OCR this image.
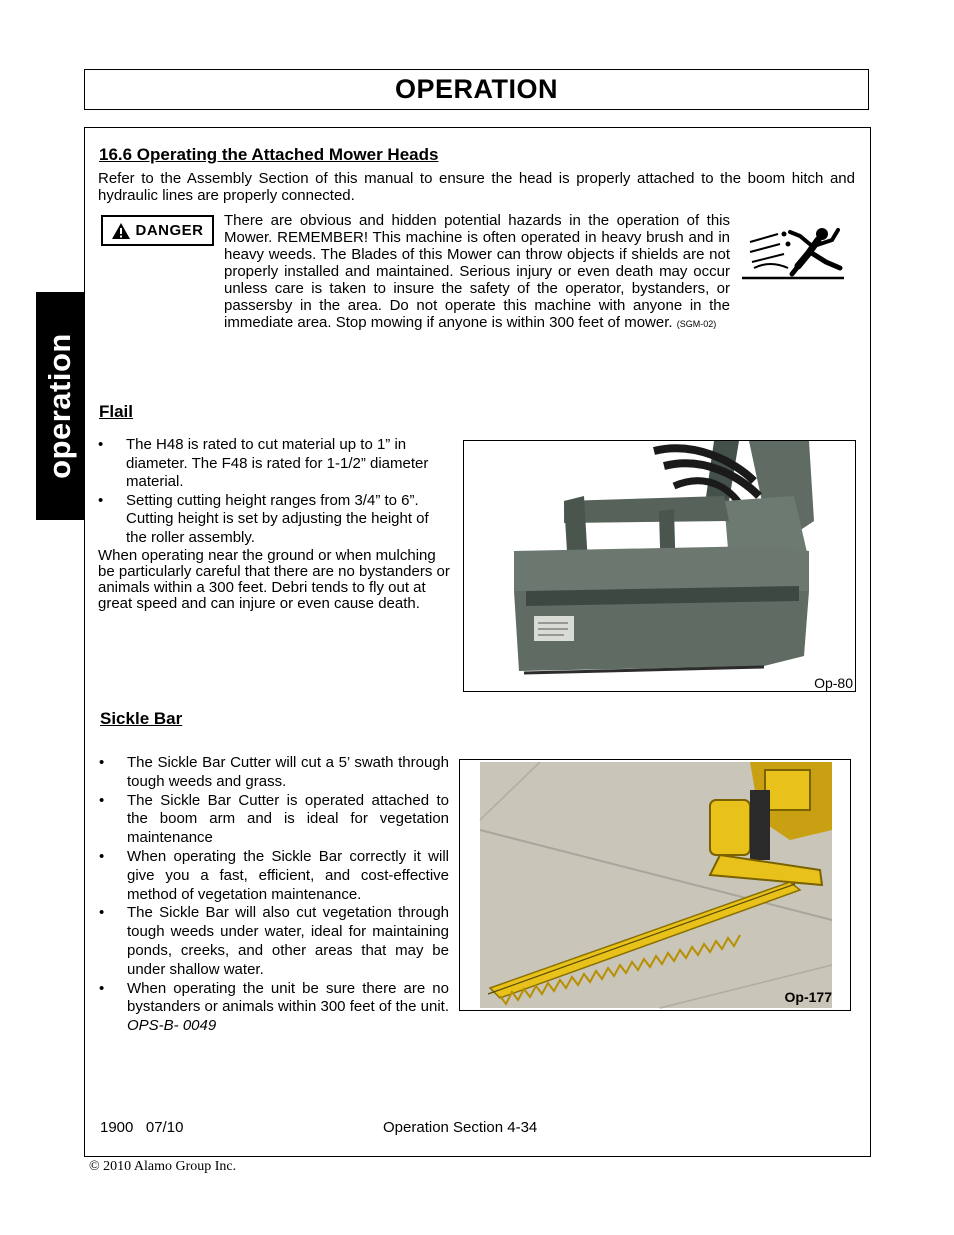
OPERATION
operation
16.6 Operating the Attached Mower Heads
Refer to the Assembly Section of this manual to ensure the head is properly attached to the boom hitch and hydraulic lines are properly connected.
DANGER
There are obvious and hidden potential hazards in the operation of this Mower. REMEMBER! This machine is often operated in heavy brush and in heavy weeds. The Blades of this Mower can throw objects if shields are not properly installed and maintained. Serious injury or even death may occur unless care is taken to insure the safety of the operator, bystanders, or passersby in the area. Do not operate this machine with anyone in the immediate area. Stop mowing if anyone is within 300 feet of mower. (SGM-02)
Flail
• The H48 is rated to cut material up to 1” in diameter. The F48 is rated for 1-1/2” diameter material.
• Setting cutting height ranges from 3/4” to 6”. Cutting height is set by adjusting the height of the roller assembly.
When operating near the ground or when mulching be particularly careful that there are no bystanders or animals within a 300 feet. Debri tends to fly out at great speed and can injure or even cause death.
Op-80
Sickle Bar
• The Sickle Bar Cutter will cut a 5’ swath through tough weeds and grass.
• The Sickle Bar Cutter is operated attached to the boom arm and is ideal for vegetation maintenance
• When operating the Sickle Bar correctly it will give you a fast, efficient, and cost-effective method of vegetation maintenance.
• The Sickle Bar will also cut vegetation through tough weeds under water, ideal for maintaining ponds, creeks, and other areas that may be under shallow water.
• When operating the unit be sure there are no bystanders or animals within 300 feet of the unit. OPS-B- 0049
Op-177
1900   07/10	Operation Section 4-34
© 2010 Alamo Group Inc.
